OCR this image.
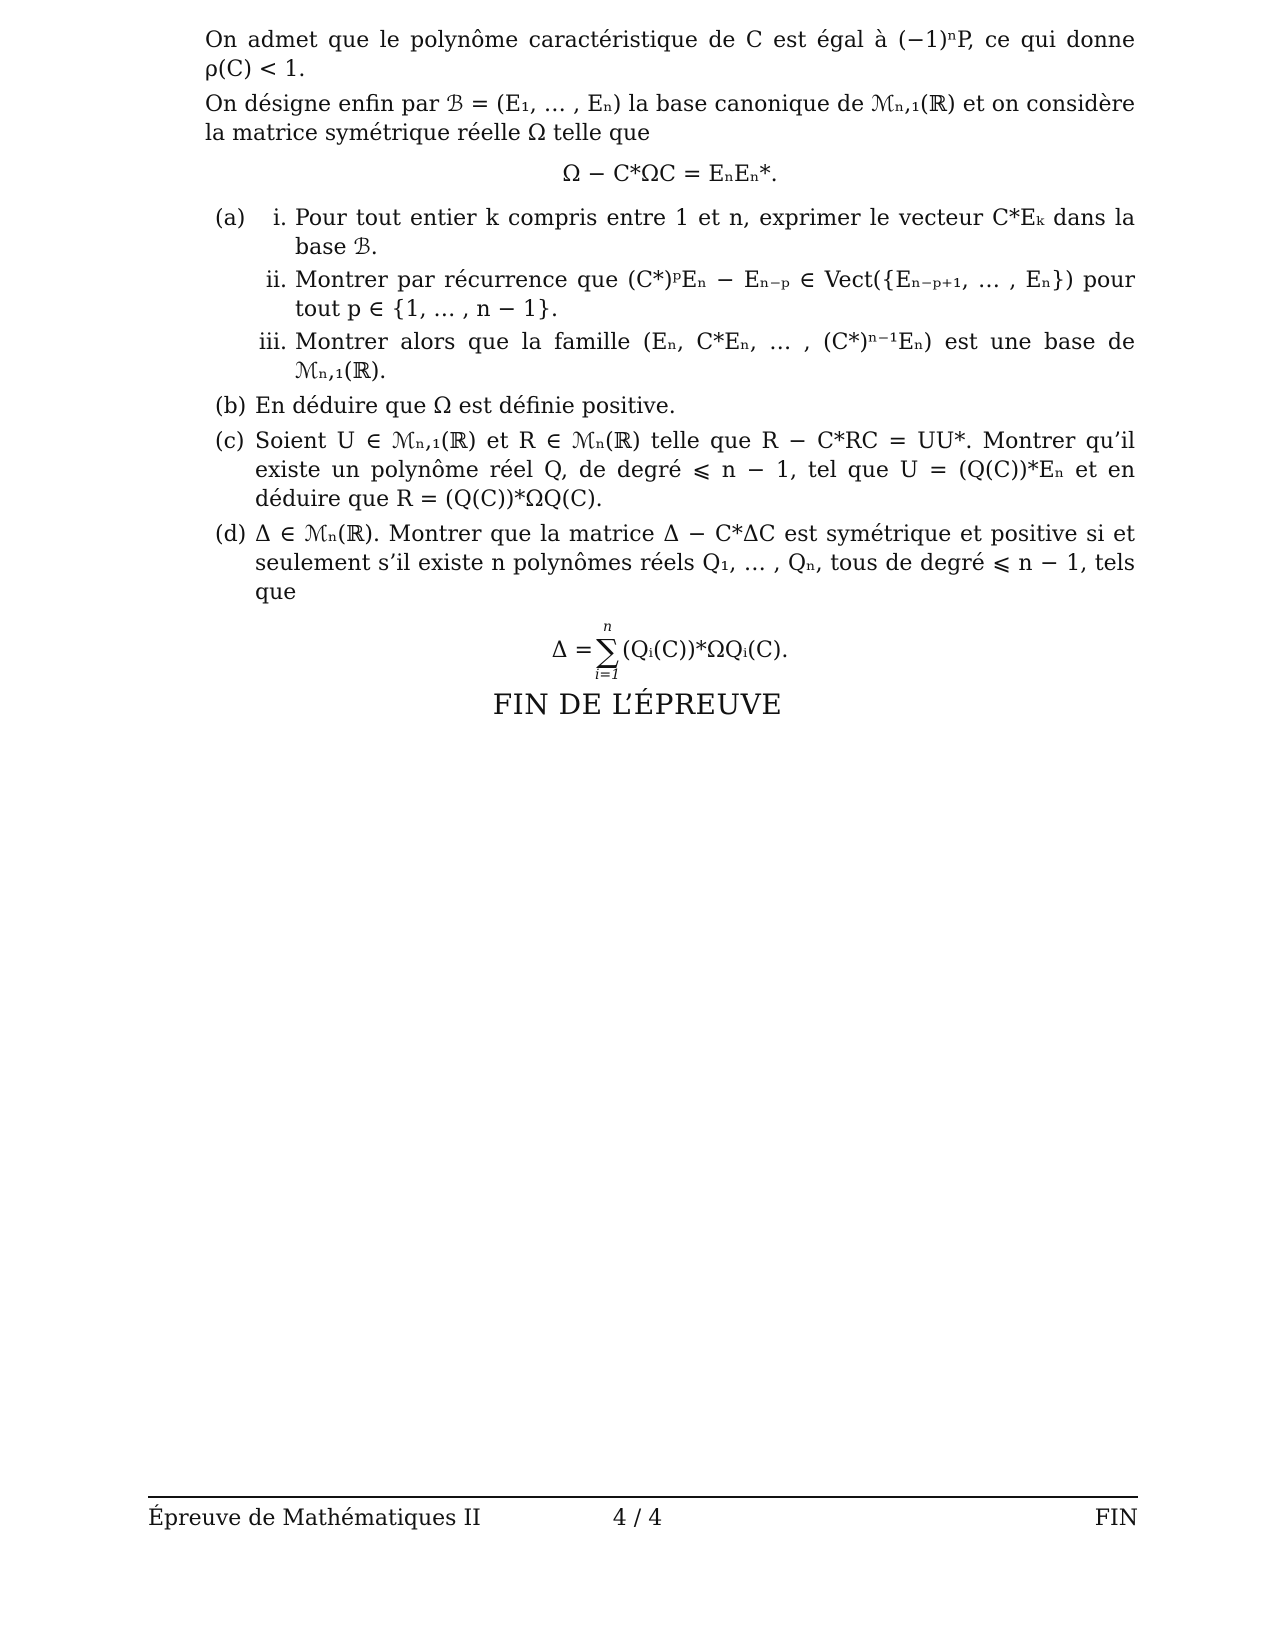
On admet que le polynôme caractéristique de C est égal à (−1)ⁿP, ce qui donne ρ(C) < 1.

On désigne enfin par ℬ = (E₁, … , Eₙ) la base canonique de ℳₙ,₁(ℝ) et on considère la matrice symétrique réelle Ω telle que

Ω − C*ΩC = EₙEₙ*.
(a) i. Pour tout entier k compris entre 1 et n, exprimer le vecteur C*Eₖ dans la base ℬ.
ii. Montrer par récurrence que (C*)ᵖEₙ − Eₙ₋ₚ ∈ Vect({Eₙ₋ₚ₊₁, … , Eₙ}) pour tout p ∈ {1, … , n − 1}.
iii. Montrer alors que la famille (Eₙ, C*Eₙ, … , (C*)ⁿ⁻¹Eₙ) est une base de ℳₙ,₁(ℝ).
(b) En déduire que Ω est définie positive.
(c) Soient U ∈ ℳₙ,₁(ℝ) et R ∈ ℳₙ(ℝ) telle que R − C*RC = UU*. Montrer qu’il existe un polynôme réel Q, de degré ⩽ n − 1, tel que U = (Q(C))*Eₙ et en déduire que R = (Q(C))*ΩQ(C).
(d) Δ ∈ ℳₙ(ℝ). Montrer que la matrice Δ − C*ΔC est symétrique et positive si et seulement s’il existe n polynômes réels Q₁, … , Qₙ, tous de degré ⩽ n − 1, tels que
Δ =
n
∑
i=1
(Qᵢ(C))*ΩQᵢ(C).
FIN DE L’ÉPREUVE
Épreuve de Mathématiques II	4 / 4	FIN
